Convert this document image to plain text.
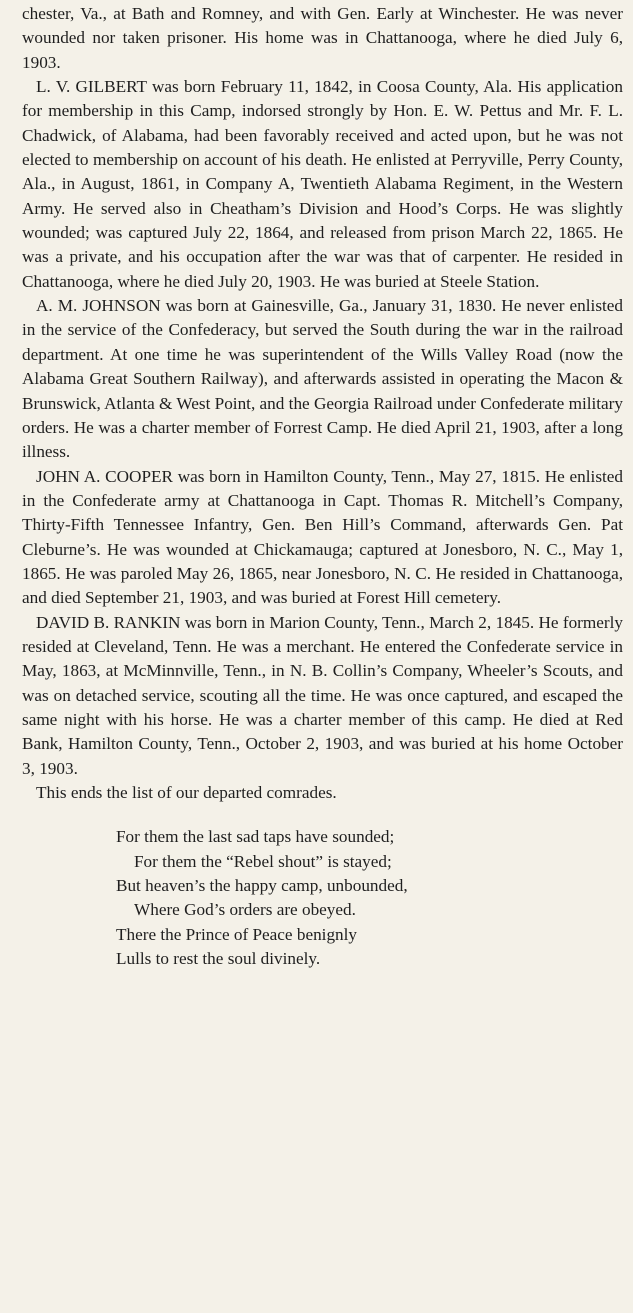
chester, Va., at Bath and Romney, and with Gen. Early at Winchester. He was never wounded nor taken prisoner. His home was in Chattanooga, where he died July 6, 1903.

L. V. GILBERT was born February 11, 1842, in Coosa County, Ala. His application for membership in this Camp, indorsed strongly by Hon. E. W. Pettus and Mr. F. L. Chadwick, of Alabama, had been favorably received and acted upon, but he was not elected to membership on account of his death. He enlisted at Perryville, Perry County, Ala., in August, 1861, in Company A, Twentieth Alabama Regiment, in the Western Army. He served also in Cheatham’s Division and Hood’s Corps. He was slightly wounded; was captured July 22, 1864, and released from prison March 22, 1865. He was a private, and his occupation after the war was that of carpenter. He resided in Chattanooga, where he died July 20, 1903. He was buried at Steele Station.

A. M. JOHNSON was born at Gainesville, Ga., January 31, 1830. He never enlisted in the service of the Confederacy, but served the South during the war in the railroad department. At one time he was superintendent of the Wills Valley Road (now the Alabama Great Southern Railway), and afterwards assisted in operating the Macon & Brunswick, Atlanta & West Point, and the Georgia Railroad under Confederate military orders. He was a charter member of Forrest Camp. He died April 21, 1903, after a long illness.

JOHN A. COOPER was born in Hamilton County, Tenn., May 27, 1815. He enlisted in the Confederate army at Chattanooga in Capt. Thomas R. Mitchell’s Company, Thirty-Fifth Tennessee Infantry, Gen. Ben Hill’s Command, afterwards Gen. Pat Cleburne’s. He was wounded at Chickamauga; captured at Jonesboro, N. C., May 1, 1865. He was paroled May 26, 1865, near Jonesboro, N. C. He resided in Chattanooga, and died September 21, 1903, and was buried at Forest Hill cemetery.

DAVID B. RANKIN was born in Marion County, Tenn., March 2, 1845. He formerly resided at Cleveland, Tenn. He was a merchant. He entered the Confederate service in May, 1863, at McMinnville, Tenn., in N. B. Collin’s Company, Wheeler’s Scouts, and was on detached service, scouting all the time. He was once captured, and escaped the same night with his horse. He was a charter member of this camp. He died at Red Bank, Hamilton County, Tenn., October 2, 1903, and was buried at his home October 3, 1903.

This ends the list of our departed comrades.

For them the last sad taps have sounded;
For them the “Rebel shout” is stayed;
But heaven’s the happy camp, unbounded,
Where God’s orders are obeyed.
There the Prince of Peace benignly
Lulls to rest the soul divinely.
